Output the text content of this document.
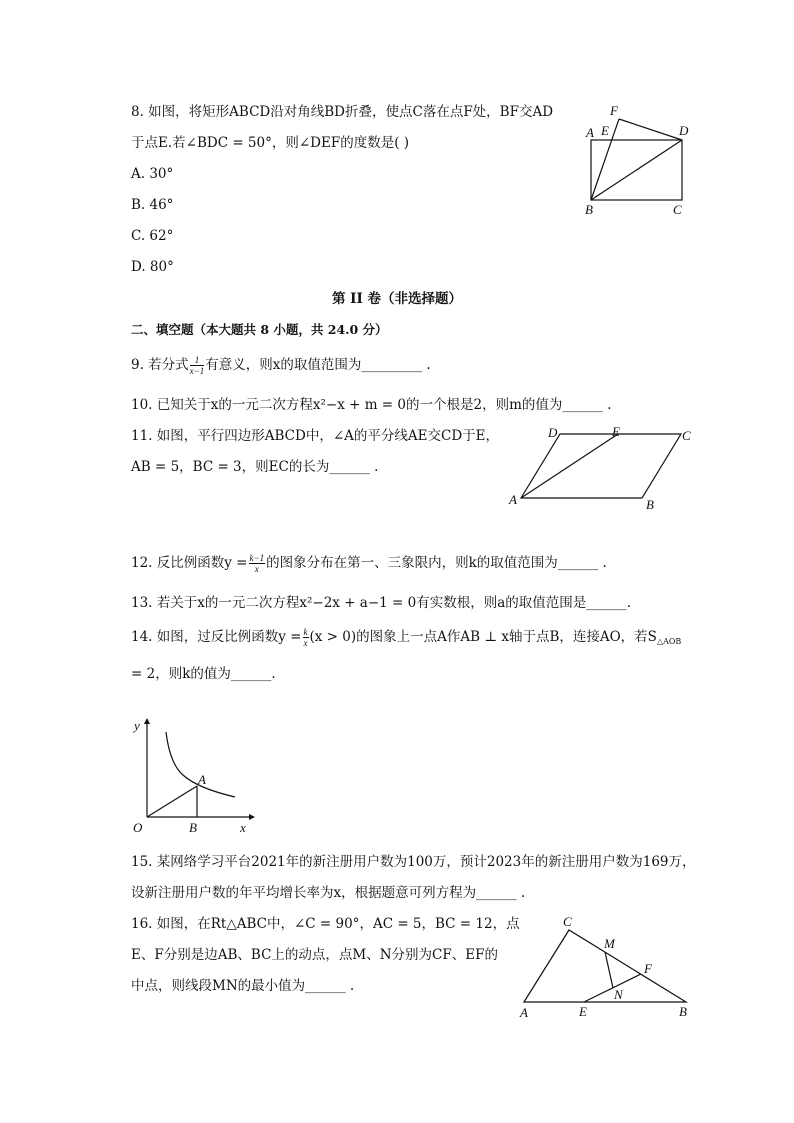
8. 如图，将矩形ABCD沿对角线BD折叠，使点C落在点F处，BF交AD
于点E.若∠BDC = 50°，则∠DEF的度数是( )
A. 30°
B. 46°
C. 62°
D. 80°
F
A E	D
B	C
第 II 卷（非选择题）
二、填空题（本大题共 8 小题，共 24.0 分）
9. 若分式 $\frac{1}{x-1}$ 有意义，则x的取值范围为_________ .
10. 已知关于x的一元二次方程x²−x + m = 0的一个根是2，则m的值为______ .
11. 如图，平行四边形ABCD中，∠A的平分线AE交CD于E，
AB = 5，BC = 3，则EC的长为______ .
D	E	C
A	B
12. 反比例函数$y = \frac{k-1}{x}$ 的图象分布在第一、三象限内，则k的取值范围为______ .
13. 若关于x的一元二次方程x²−2x + a−1 = 0有实数根，则a的取值范围是______.
14. 如图，过反比例函数$y = \frac{k}{x} (x > 0)$的图象上一点A作AB ⊥ x轴于点B，连接AO，若$S_{\triangle AOB}$
= 2，则k的值为______.
y
A
O	B	x
15. 某网络学习平台2021年的新注册用户数为100万，预计2023年的新注册用户数为169万，
设新注册用户数的年平均增长率为x，根据题意可列方程为______ .
16. 如图，在Rt△ABC中，∠C = 90°，AC = 5，BC = 12，点
E、F分别是边AB、BC上的动点，点M、N分别为CF、EF的
中点，则线段MN的最小值为______ .
C
M
F
N
A	E	B
